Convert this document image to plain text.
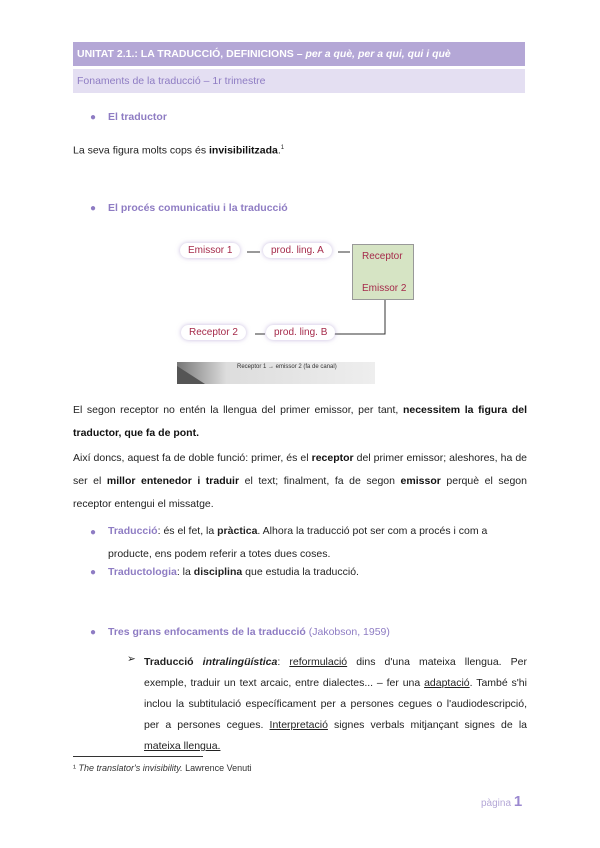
UNITAT 2.1.: LA TRADUCCIÓ, DEFINICIONS – per a què, per a qui, qui i què
Fonaments de la traducció – 1r trimestre
● El traductor
La seva figura molts cops és invisibilitzada.$^1$
● El procés comunicatiu i la traducció
Emissor 1	prod. ling. A
Receptor
Emissor 2
Receptor 2	prod. ling. B
Receptor 1 → emissor 2 (fa de canal)
El segon receptor no entén la llengua del primer emissor, per tant, necessitem la figura del traductor, que fa de pont.
Així doncs, aquest fa de doble funció: primer, és el receptor del primer emissor; aleshores, ha de ser el millor entenedor i traduir el text; finalment, fa de segon emissor perquè el segon receptor entengui el missatge.
● Traducció: és el fet, la pràctica. Alhora la traducció pot ser com a procés i com a producte, ens podem referir a totes dues coses.
● Traductologia: la disciplina que estudia la traducció.
● Tres grans enfocaments de la traducció (Jakobson, 1959)
➢ Traducció intralingüística: reformulació dins d'una mateixa llengua. Per exemple, traduir un text arcaic, entre dialectes... – fer una adaptació. També s'hi inclou la subtitulació específicament per a persones cegues o l'audiodescripció, per a persones cegues. Interpretació signes verbals mitjançant signes de la mateixa llengua.
¹ The translator's invisibility. Lawrence Venuti
pàgina 1
